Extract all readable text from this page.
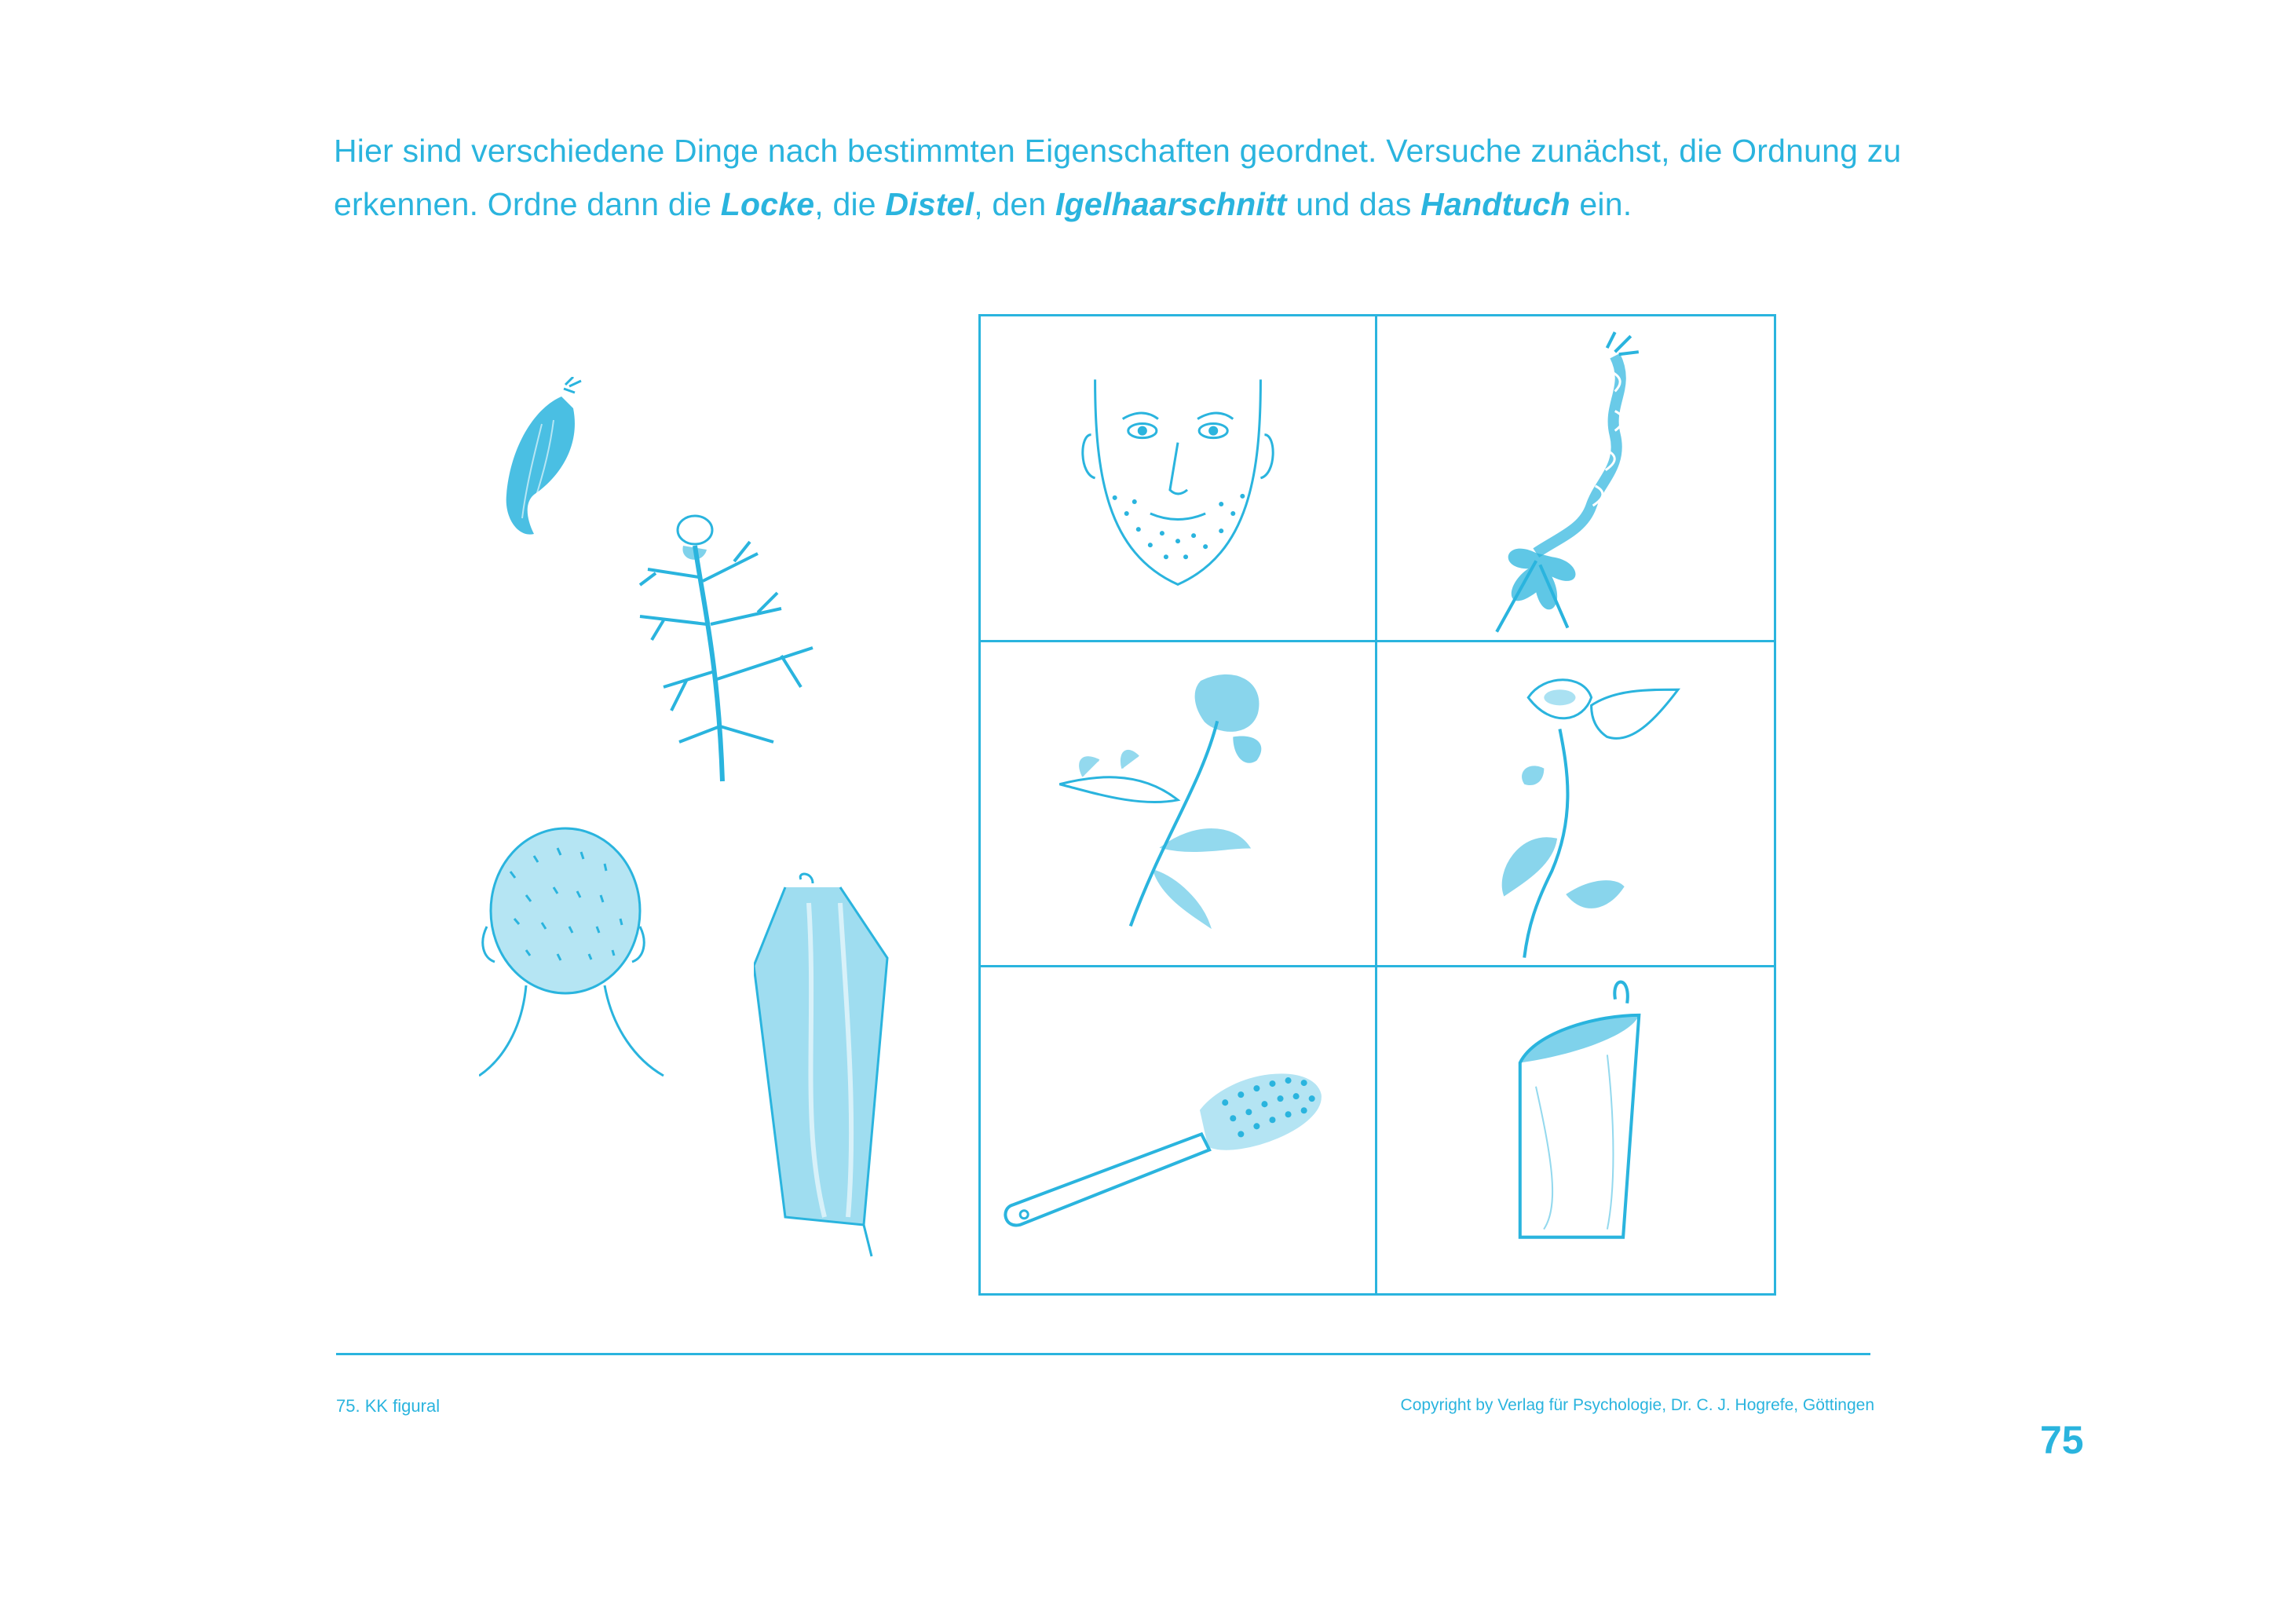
Hier sind verschiedene Dinge nach bestimmten Eigenschaften geordnet. Versuche zunächst, die Ordnung zu erkennen. Ordne dann die Locke, die Distel, den Igelhaarschnitt und das Handtuch ein.
75. KK figural	Copyright by Verlag für Psychologie, Dr. C. J. Hogrefe, Göttingen
75
